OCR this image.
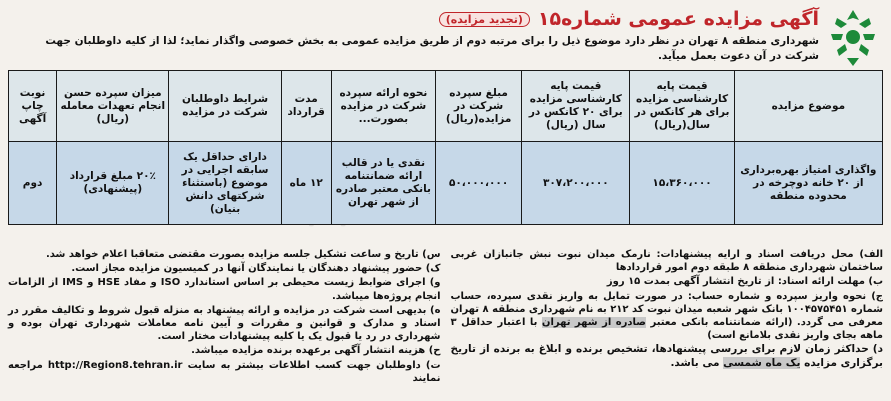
آگهی مزایده عمومی شماره۱۵
(تجدید مزایده)
شهرداری منطقه ۸ تهران در نظر دارد موضوع ذیل را برای مرتبه دوم از طریق مزایده عمومی به بخش خصوصی واگذار نماید؛ لذا از کلیه داوطلبان جهت شرکت در آن دعوت بعمل میآید.
موضوع مزایده	قیمت پایه کارشناسی مزایده برای هر کانکس در سال(ریال)	قیمت پایه کارشناسی مزایده برای ۲۰ کانکس در سال (ریال)	مبلغ سپرده شرکت در مزایده(ریال)	نحوه ارائه سپرده شرکت در مزایده بصورت...	مدت قرارداد	شرایط داوطلبان شرکت در مزایده	میزان سپرده حسن انجام تعهدات معامله (ریال)	نوبت چاپ آگهی
واگذاری امتیاز بهره‌برداری از ۲۰ خانه دوچرخه در محدوده منطقه	۱۵،۳۶۰،۰۰۰	۳۰۷،۲۰۰،۰۰۰	۵۰،۰۰۰،۰۰۰	نقدی یا در قالب ارائه ضمانتنامه بانکی معتبر صادره از شهر تهران	۱۲ ماه	دارای حداقل یک سابقه اجرایی در موضوع (باستثناء شرکتهای دانش بنیان)	۲۰٪ مبلغ قرارداد (پیشنهادی)	دوم

الف) محل دریافت اسناد و ارایه پیشنهادات: نارمک میدان نبوت نبش جانبازان غربی ساختمان شهرداری منطقه ۸ طبقه دوم امور قراردادها

ب) مهلت ارائه اسناد: از تاریخ انتشار آگهی بمدت ۱۵ روز

ج) نحوه واریز سپرده و شماره حساب: در صورت تمایل به واریز نقدی سپرده، حساب شماره ۱۰۰۴۵۷۵۴۵۱ بانک شهر شعبه میدان نبوت کد ۲۱۲ به نام شهرداری منطقه ۸ تهران معرفی می گردد. (ارائه ضمانتنامه بانکی معتبر صادره از شهر تهران با اعتبار حداقل ۳ ماهه بجای واریز نقدی بلامانع است)

د) حداکثر زمان لازم برای بررسی پیشنهادها، تشخیص برنده و ابلاغ به برنده از تاریخ برگزاری مزایده یک ماه شمسی می باشد.

س) تاریخ و ساعت تشکیل جلسه مزایده بصورت مقتضی متعاقبا اعلام خواهد شد.

ک) حضور پیشنهاد دهندگان یا نمایندگان آنها در کمیسیون مزایده مجاز است.

و) اجرای ضوابط زیست محیطی بر اساس استاندارد ISO و مفاد HSE و IMS از الزامات انجام پروژه‌ها میباشد.

ه) بدیهی است شرکت در مزایده و ارائه پیشنهاد به منزله قبول شروط و تکالیف مقرر در اسناد و مدارک و قوانین و مقررات و آیین نامه معاملات شهرداری تهران بوده و شهرداری در رد یا قبول یک یا کلیه پیشنهادات مختار است.

ح) هزینه انتشار آگهی برعهده برنده مزایده میباشد.

ت) داوطلبان جهت کسب اطلاعات بیشتر به سایت http://Region8.tehran.ir مراجعه نمایند
